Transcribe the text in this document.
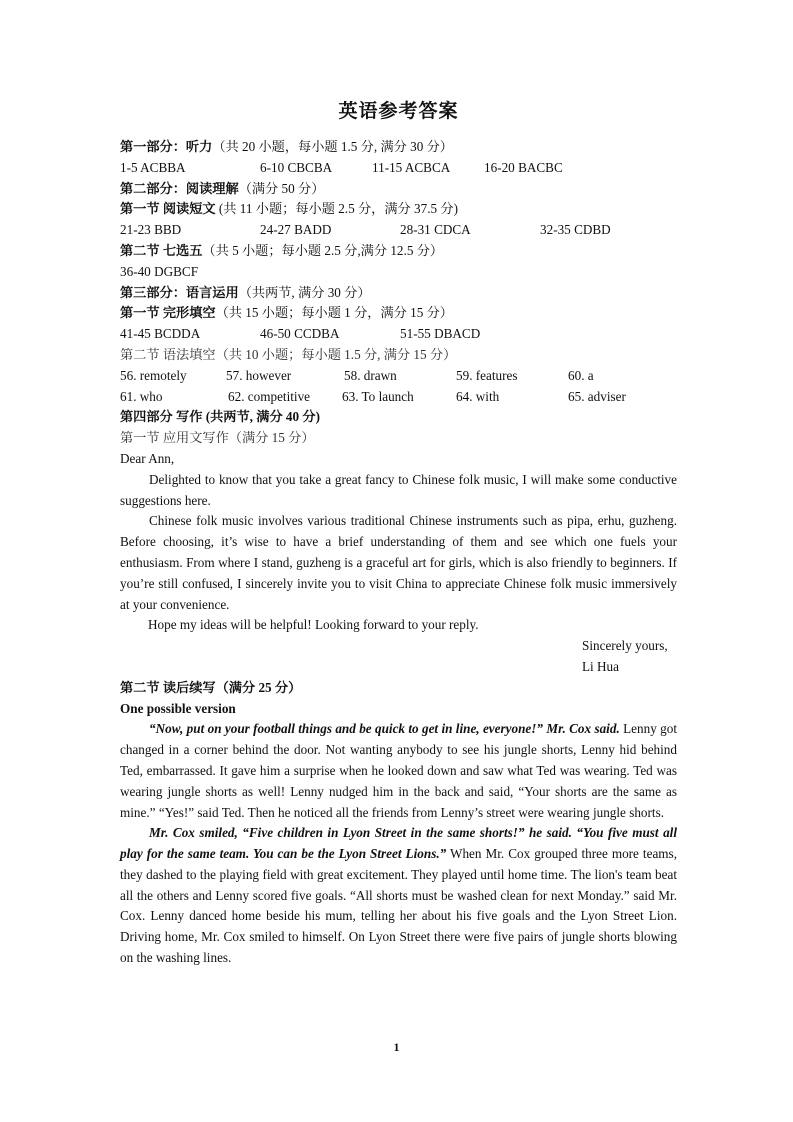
英语参考答案
第一部分：听力（共 20 小题，每小题 1.5 分, 满分 30 分）
1-5 ACBBA	6-10 CBCBA	11-15 ACBCA	16-20 BACBC
第二部分：阅读理解（满分 50 分）
第一节 阅读短文 (共 11 小题；每小题 2.5 分，满分 37.5 分)
21-23 BBD	24-27 BADD	28-31 CDCA	32-35 CDBD
第二节 七选五（共 5 小题；每小题 2.5 分,满分 12.5 分）
36-40 DGBCF
第三部分：语言运用（共两节, 满分 30 分）
第一节 完形填空（共 15 小题；每小题 1 分，满分 15 分）
41-45 BCDDA	46-50 CCDBA	51-55 DBACD
第二节 语法填空（共 10 小题；每小题 1.5 分, 满分 15 分）
56. remotely	57. however	58. drawn	59. features	60. a
61. who	62. competitive 63. To launch	64. with	65. adviser
第四部分 写作 (共两节, 满分 40 分)
第一节 应用文写作（满分 15 分）
Dear Ann,

Delighted to know that you take a great fancy to Chinese folk music, I will make some conductive suggestions here.

Chinese folk music involves various traditional Chinese instruments such as pipa, erhu, guzheng. Before choosing, it’s wise to have a brief understanding of them and see which one fuels your enthusiasm. From where I stand, guzheng is a graceful art for girls, which is also friendly to beginners. If you’re still confused, I sincerely invite you to visit China to appreciate Chinese folk music immersively at your convenience.

Hope my ideas will be helpful! Looking forward to your reply.

Sincerely yours,
Li Hua
第二节 读后续写（满分 25 分）
One possible version

“Now, put on your football things and be quick to get in line, everyone!” Mr. Cox said. Lenny got changed in a corner behind the door. Not wanting anybody to see his jungle shorts, Lenny hid behind Ted, embarrassed. It gave him a surprise when he looked down and saw what Ted was wearing. Ted was wearing jungle shorts as well! Lenny nudged him in the back and said, “Your shorts are the same as mine.” “Yes!” said Ted. Then he noticed all the friends from Lenny’s street were wearing jungle shorts.

Mr. Cox smiled, “Five children in Lyon Street in the same shorts!” he said. “You five must all play for the same team. You can be the Lyon Street Lions.” When Mr. Cox grouped three more teams, they dashed to the playing field with great excitement. They played until home time. The lion's team beat all the others and Lenny scored five goals. “All shorts must be washed clean for next Monday.” said Mr. Cox. Lenny danced home beside his mum, telling her about his five goals and the Lyon Street Lion. Driving home, Mr. Cox smiled to himself. On Lyon Street there were five pairs of jungle shorts blowing on the washing lines.

1
